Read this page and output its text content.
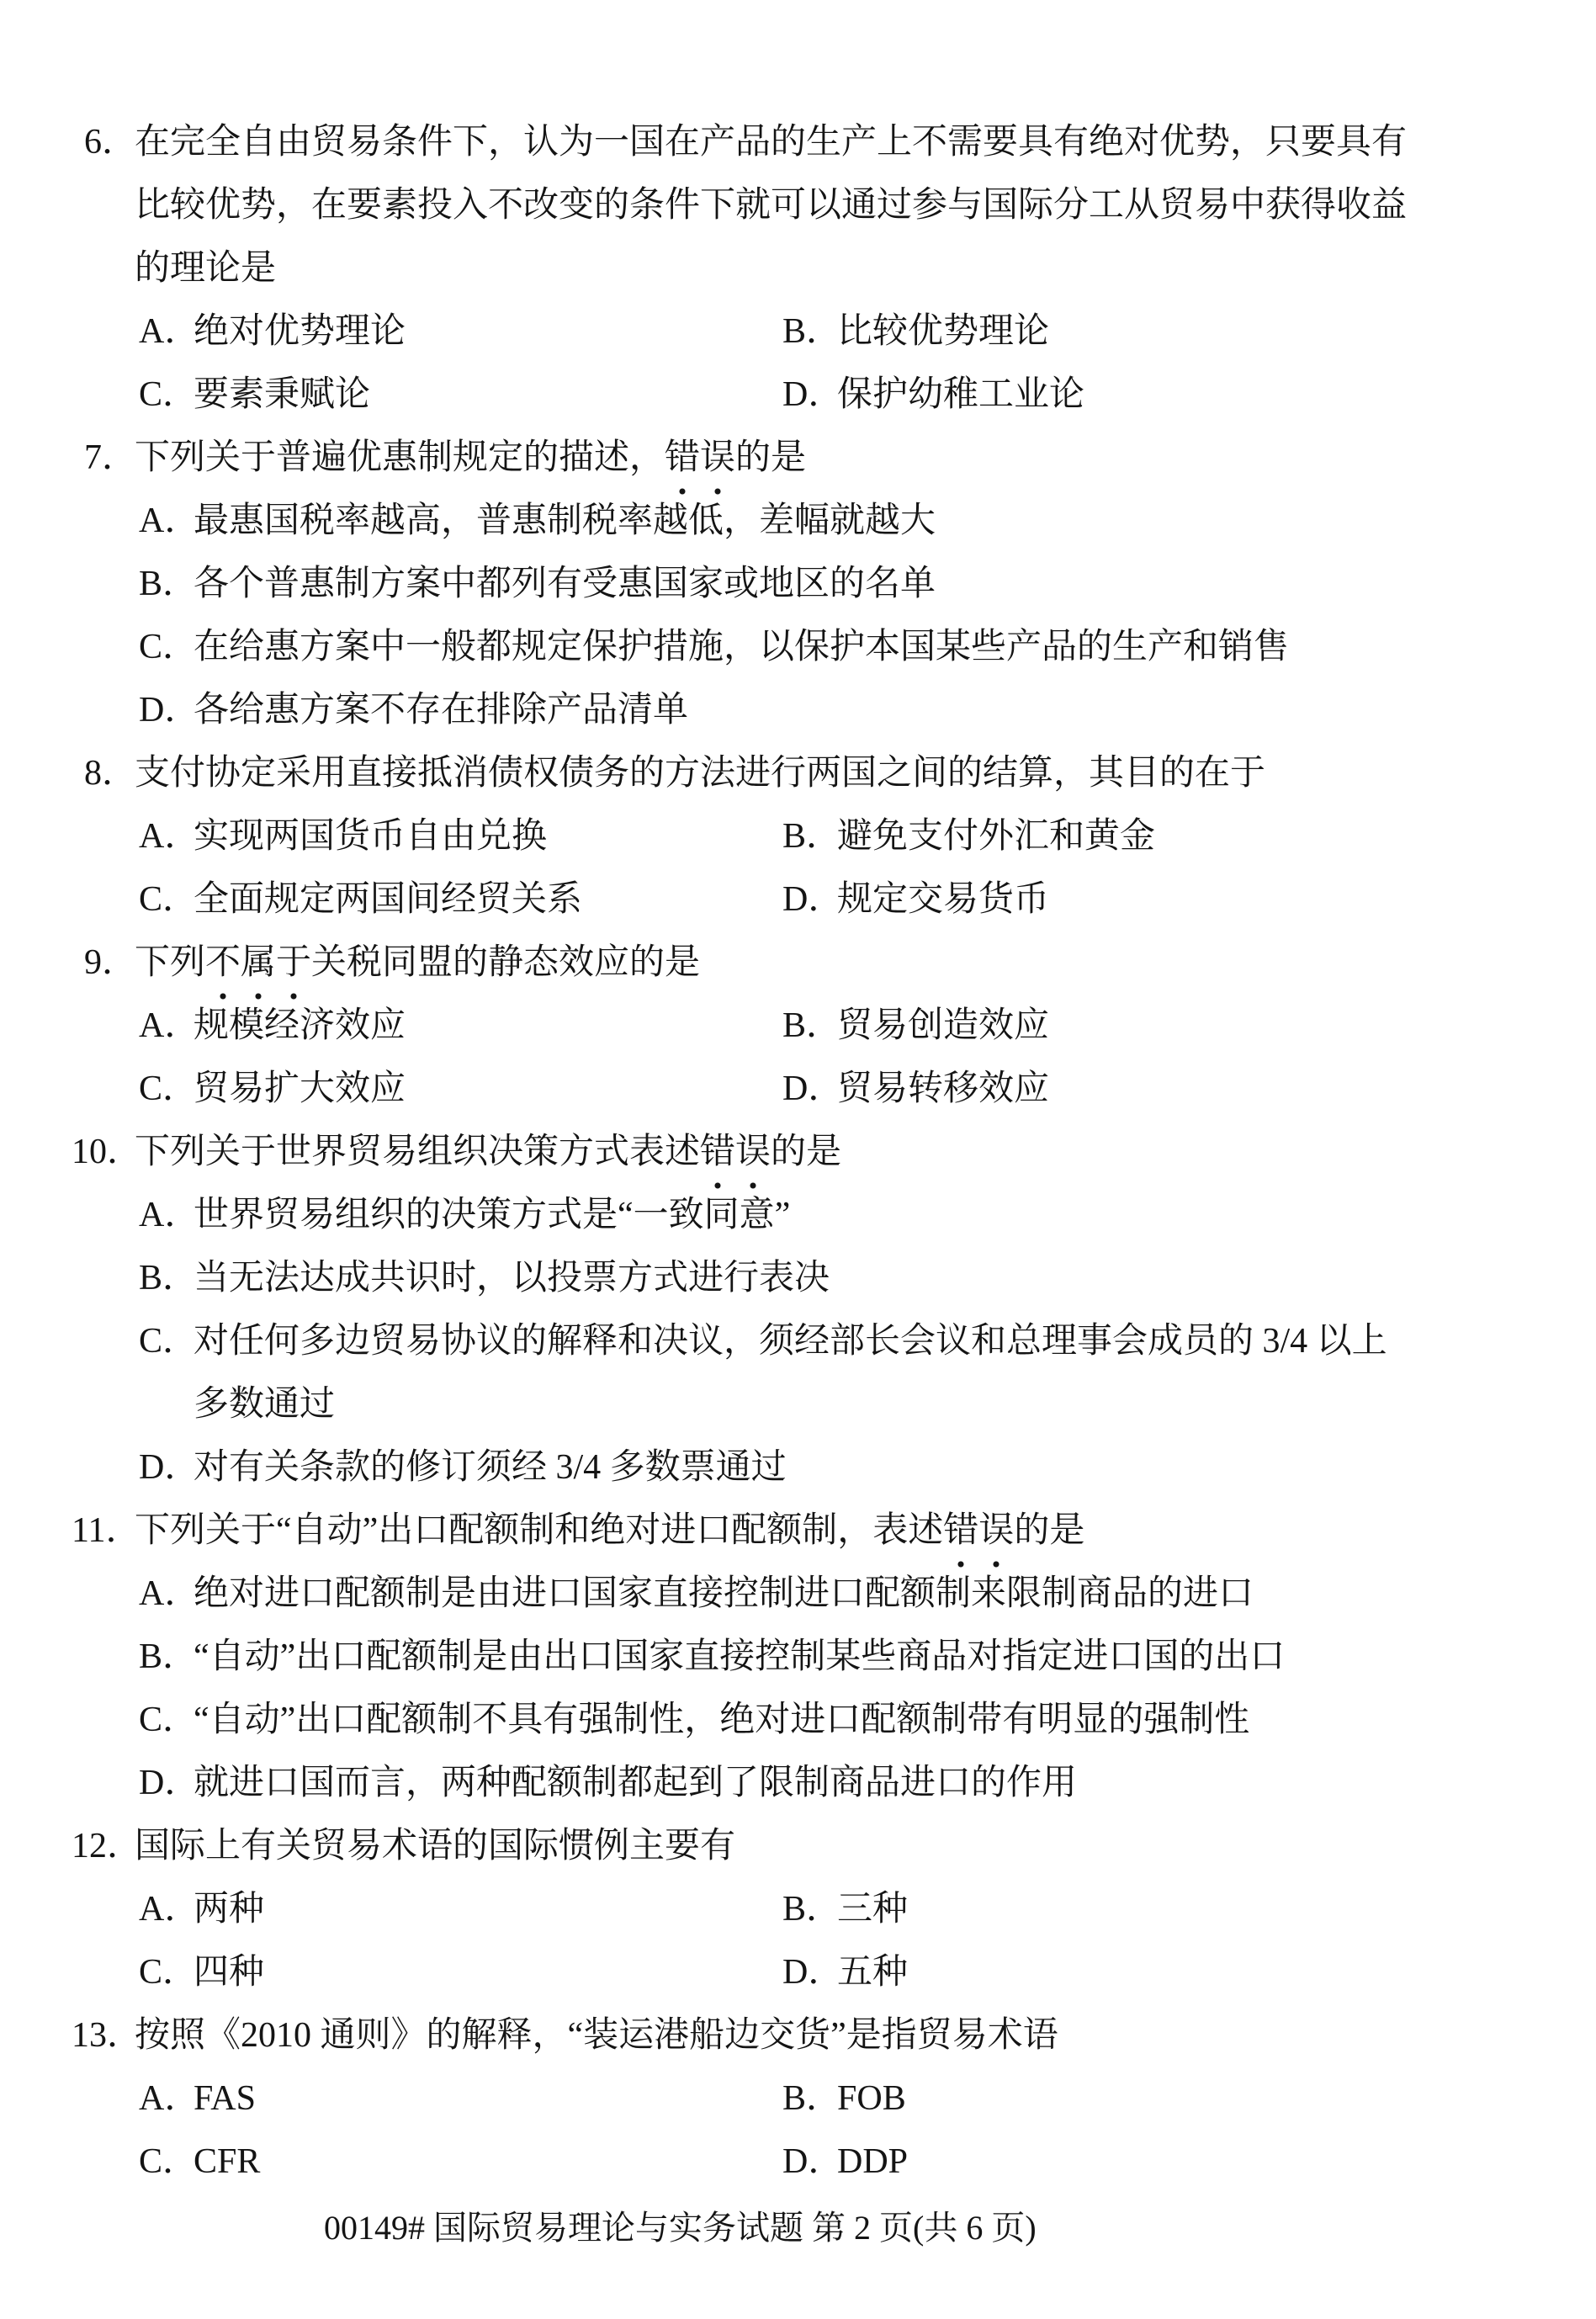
6．在完全自由贸易条件下，认为一国在产品的生产上不需要具有绝对优势，只要具有
比较优势，在要素投入不改变的条件下就可以通过参与国际分工从贸易中获得收益
的理论是
A．绝对优势理论	B．比较优势理论
C．要素秉赋论	D．保护幼稚工业论
7．下列关于普遍优惠制规定的描述，错误的是
A．最惠国税率越高，普惠制税率越低，差幅就越大
B．各个普惠制方案中都列有受惠国家或地区的名单
C．在给惠方案中一般都规定保护措施，以保护本国某些产品的生产和销售
D．各给惠方案不存在排除产品清单
8．支付协定采用直接抵消债权债务的方法进行两国之间的结算，其目的在于
A．实现两国货币自由兑换	B．避免支付外汇和黄金
C．全面规定两国间经贸关系	D．规定交易货币
9．下列不属于关税同盟的静态效应的是
A．规模经济效应	B．贸易创造效应
C．贸易扩大效应	D．贸易转移效应
10．下列关于世界贸易组织决策方式表述错误的是
A．世界贸易组织的决策方式是“一致同意”
B．当无法达成共识时，以投票方式进行表决
C．对任何多边贸易协议的解释和决议，须经部长会议和总理事会成员的 3/4 以上
多数通过
D．对有关条款的修订须经 3/4 多数票通过
11．下列关于“自动”出口配额制和绝对进口配额制，表述错误的是
A．绝对进口配额制是由进口国家直接控制进口配额制来限制商品的进口
B．“自动”出口配额制是由出口国家直接控制某些商品对指定进口国的出口
C．“自动”出口配额制不具有强制性，绝对进口配额制带有明显的强制性
D．就进口国而言，两种配额制都起到了限制商品进口的作用
12．国际上有关贸易术语的国际惯例主要有
A．两种	B．三种
C．四种	D．五种
13．按照《2010 通则》的解释，“装运港船边交货”是指贸易术语
A．FAS	B．FOB
C．CFR	D．DDP
00149# 国际贸易理论与实务试题 第 2 页(共 6 页)
